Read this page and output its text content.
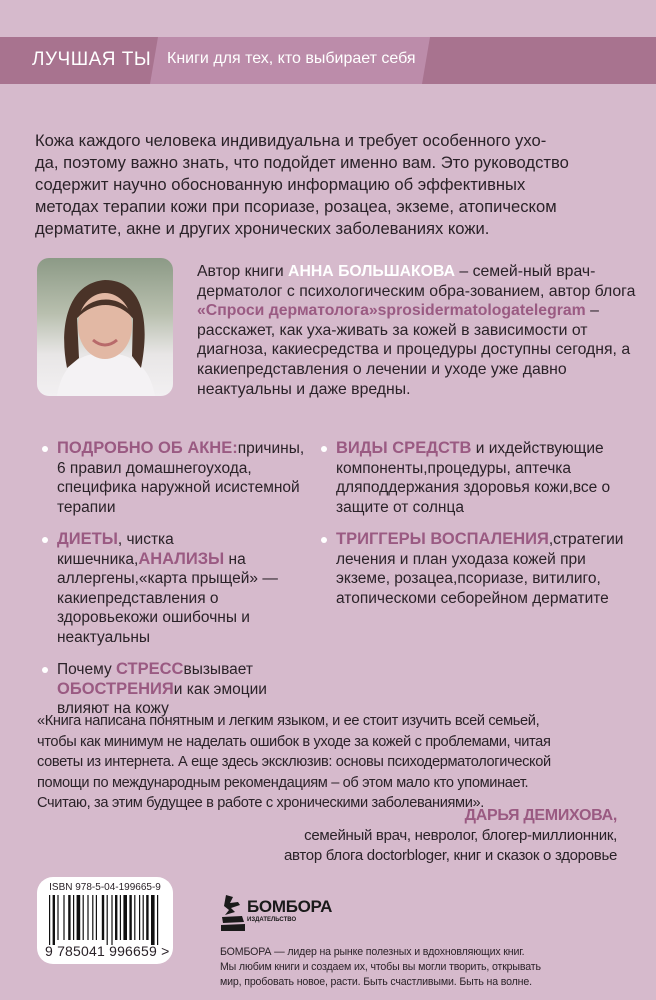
ЛУЧШАЯ ТЫ Книги для тех, кто выбирает себя
Кожа каждого человека индивидуальна и требует особенного ухо-
да, поэтому важно знать, что подойдет именно вам. Это руководство
содержит научно обоснованную информацию об эффективных
методах терапии кожи при псориазе, розацеа, экземе, атопическом
дерматите, акне и других хронических заболеваниях кожи.
Автор книги АННА БОЛЬШАКОВА – семей-ный врач-дерматолог с психологическим обра-зованием, автор блога «Спроси дерматолога»sprosidermatologatelegram – расскажет, как уха-живать за кожей в зависимости от диагноза, какиесредства и процедуры доступны сегодня, а какиепредставления о лечении и уходе уже давно неактуальны и даже вредны.
ПОДРОБНО ОБ АКНЕ:причины, 6 правил домашнегоухода, специфика наружной исистемной терапии
ДИЕТЫ, чистка кишечника,АНАЛИЗЫ на аллергены,«карта прыщей» — какиепредставления о здоровьекожи ошибочны и неактуальны
Почему СТРЕССвызывает ОБОСТРЕНИЯи как эмоции влияют на кожу
ВИДЫ СРЕДСТВ и ихдействующие компоненты,процедуры, аптечка дляподдержания здоровья кожи,все о защите от солнца
ТРИГГЕРЫ ВОСПАЛЕНИЯ,стратегии лечения и план уходаза кожей при экземе, розацеа,псориазе, витилиго, атопическоми себорейном дерматите
«Книга написана понятным и легким языком, и ее стоит изучить всей семьей,
чтобы как минимум не наделать ошибок в уходе за кожей с проблемами, читая
советы из интернета. А еще здесь эксклюзив: основы психодерматологической
помощи по международным рекомендациям – об этом мало кто упоминает.
Считаю, за этим будущее в работе с хроническими заболеваниями».
ДАРЬЯ ДЕМИХОВА,
семейный врач, невролог, блогер-миллионник,
автор блога doctorbloger, книг и сказок о здоровье
ISBN 978-5-04-199665-9
9 785041 996659 >
БОМБОРА
ИЗДАТЕЛЬСТВО
БОМБОРА — лидер на рынке полезных и вдохновляющих книг.
Мы любим книги и создаем их, чтобы вы могли творить, открывать
мир, пробовать новое, расти. Быть счастливыми. Быть на волне.
